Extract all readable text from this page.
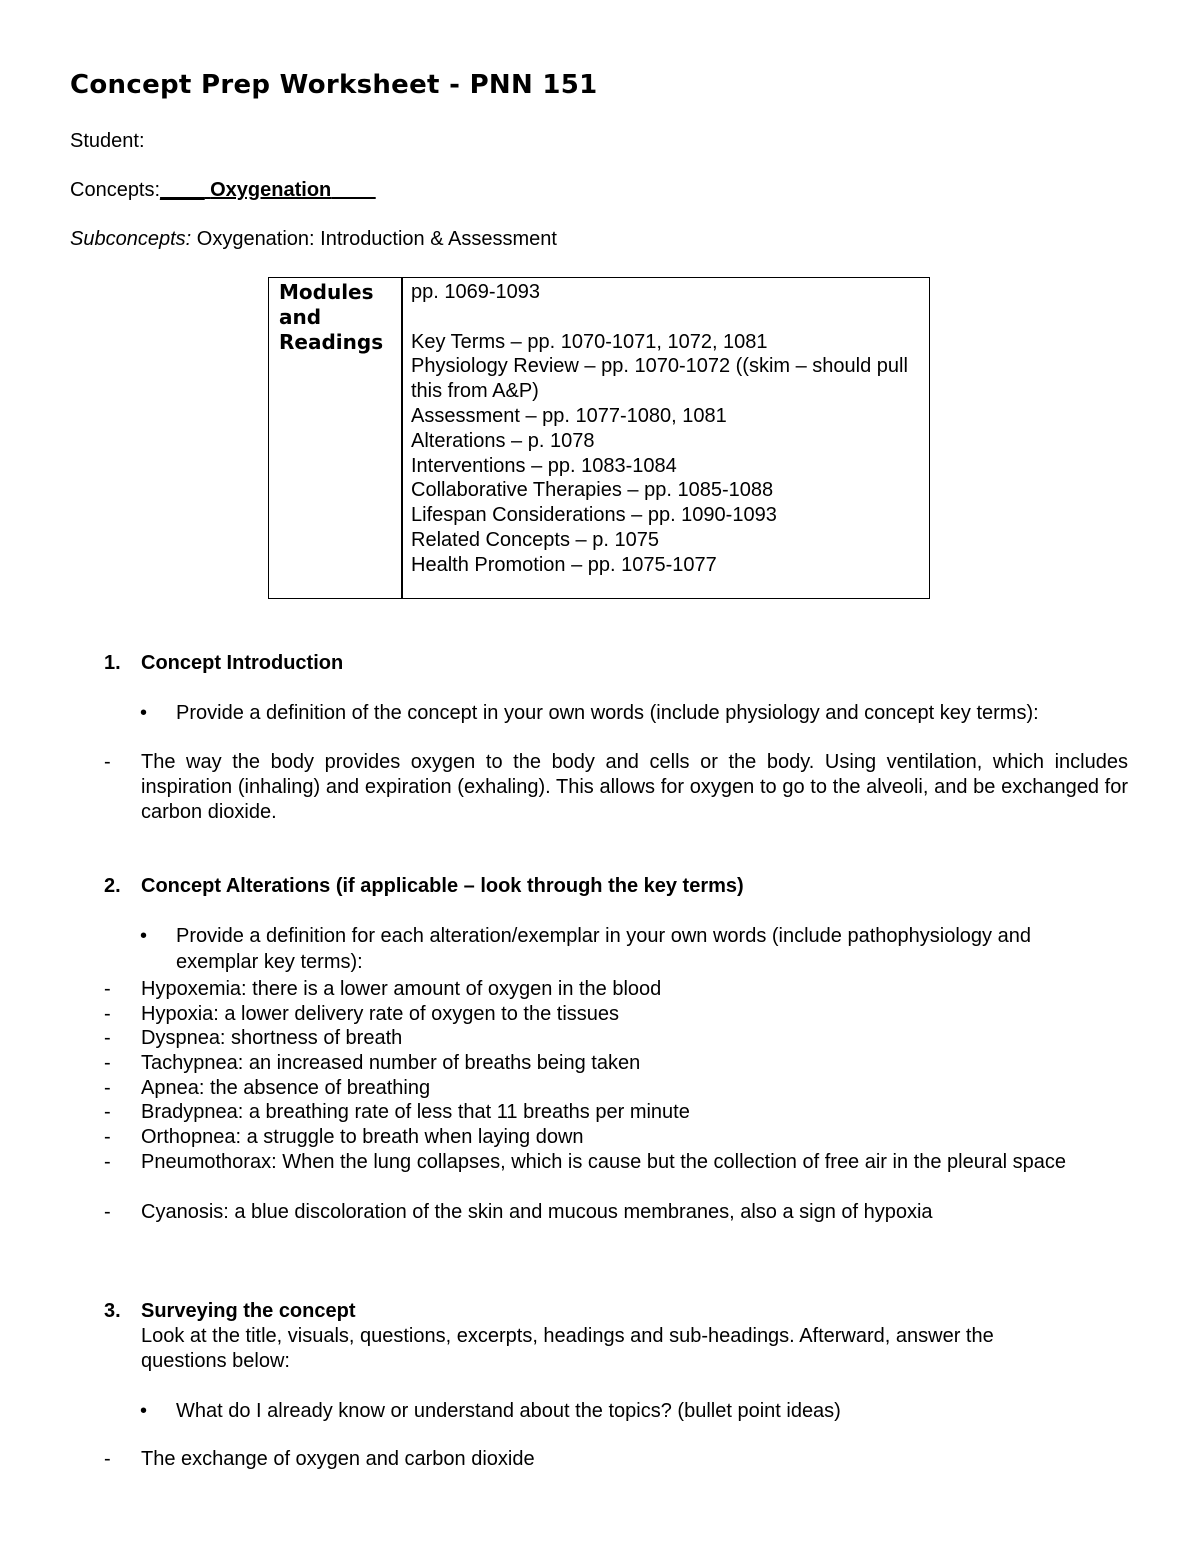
Concept Prep Worksheet - PNN 151
Student:
Concepts:____ Oxygenation
Subconcepts: Oxygenation: Introduction & Assessment
Modules
and
Readings
pp. 1069-1093
Key Terms – pp. 1070-1071, 1072, 1081
Physiology Review – pp. 1070-1072 ((skim – should pull this from A&P)
Assessment – pp. 1077-1080, 1081
Alterations – p. 1078
Interventions – pp. 1083-1084
Collaborative Therapies – pp. 1085-1088
Lifespan Considerations – pp. 1090-1093
Related Concepts – p. 1075
Health Promotion – pp. 1075-1077
1. Concept Introduction
• Provide a definition of the concept in your own words (include physiology and concept key terms):
- The way the body provides oxygen to the body and cells or the body. Using ventilation, which includes inspiration (inhaling) and expiration (exhaling). This allows for oxygen to go to the alveoli, and be exchanged for carbon dioxide.
2. Concept Alterations (if applicable – look through the key terms)
• Provide a definition for each alteration/exemplar in your own words (include pathophysiology and exemplar key terms):
- Hypoxemia: there is a lower amount of oxygen in the blood
- Hypoxia: a lower delivery rate of oxygen to the tissues
- Dyspnea: shortness of breath
- Tachypnea: an increased number of breaths being taken
- Apnea: the absence of breathing
- Bradypnea: a breathing rate of less that 11 breaths per minute
- Orthopnea: a struggle to breath when laying down
- Pneumothorax: When the lung collapses, which is cause but the collection of free air in the pleural space
- Cyanosis: a blue discoloration of the skin and mucous membranes, also a sign of hypoxia
3. Surveying the concept
Look at the title, visuals, questions, excerpts, headings and sub-headings. Afterward, answer the questions below:
• What do I already know or understand about the topics? (bullet point ideas)
- The exchange of oxygen and carbon dioxide
